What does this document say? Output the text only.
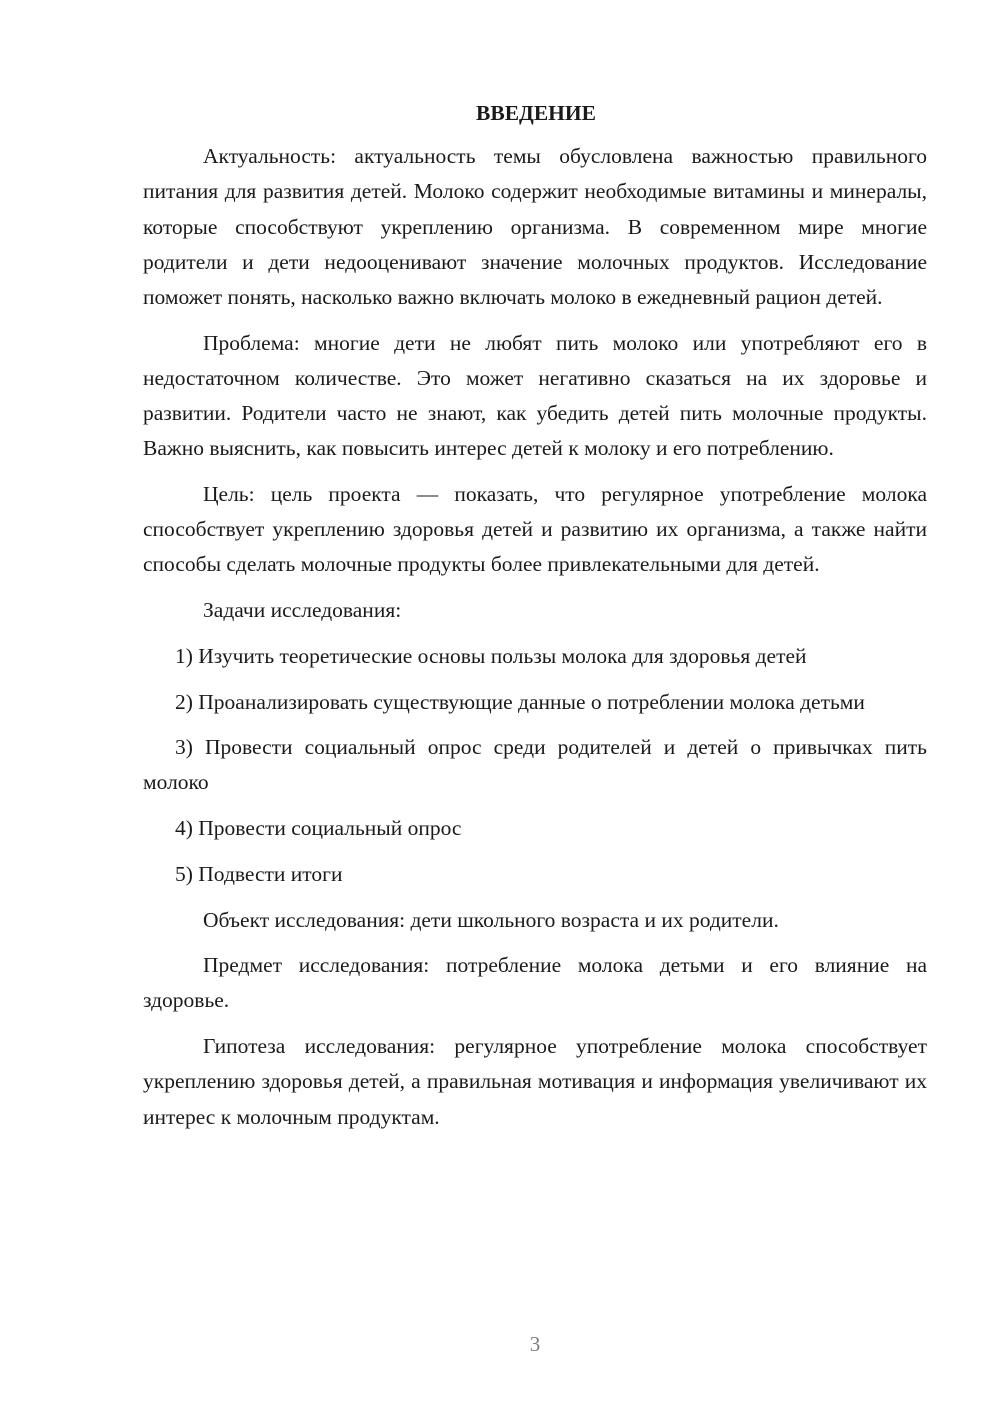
ВВЕДЕНИЕ

Актуальность: актуальность темы обусловлена важностью правильного питания для развития детей. Молоко содержит необходимые витамины и минералы, которые способствуют укреплению организма. В современном мире многие родители и дети недооценивают значение молочных продуктов. Исследование поможет понять, насколько важно включать молоко в ежедневный рацион детей.

Проблема: многие дети не любят пить молоко или употребляют его в недостаточном количестве. Это может негативно сказаться на их здоровье и развитии. Родители часто не знают, как убедить детей пить молочные продукты. Важно выяснить, как повысить интерес детей к молоку и его потреблению.

Цель: цель проекта — показать, что регулярное употребление молока способствует укреплению здоровья детей и развитию их организма, а также найти способы сделать молочные продукты более привлекательными для детей.

Задачи исследования:

1) Изучить теоретические основы пользы молока для здоровья детей

2) Проанализировать существующие данные о потреблении молока детьми

3) Провести социальный опрос среди родителей и детей о привычках пить молоко

4) Провести социальный опрос

5) Подвести итоги

Объект исследования: дети школьного возраста и их родители.

Предмет исследования: потребление молока детьми и его влияние на здоровье.

Гипотеза исследования: регулярное употребление молока способствует укреплению здоровья детей, а правильная мотивация и информация увеличивают их интерес к молочным продуктам.

3
